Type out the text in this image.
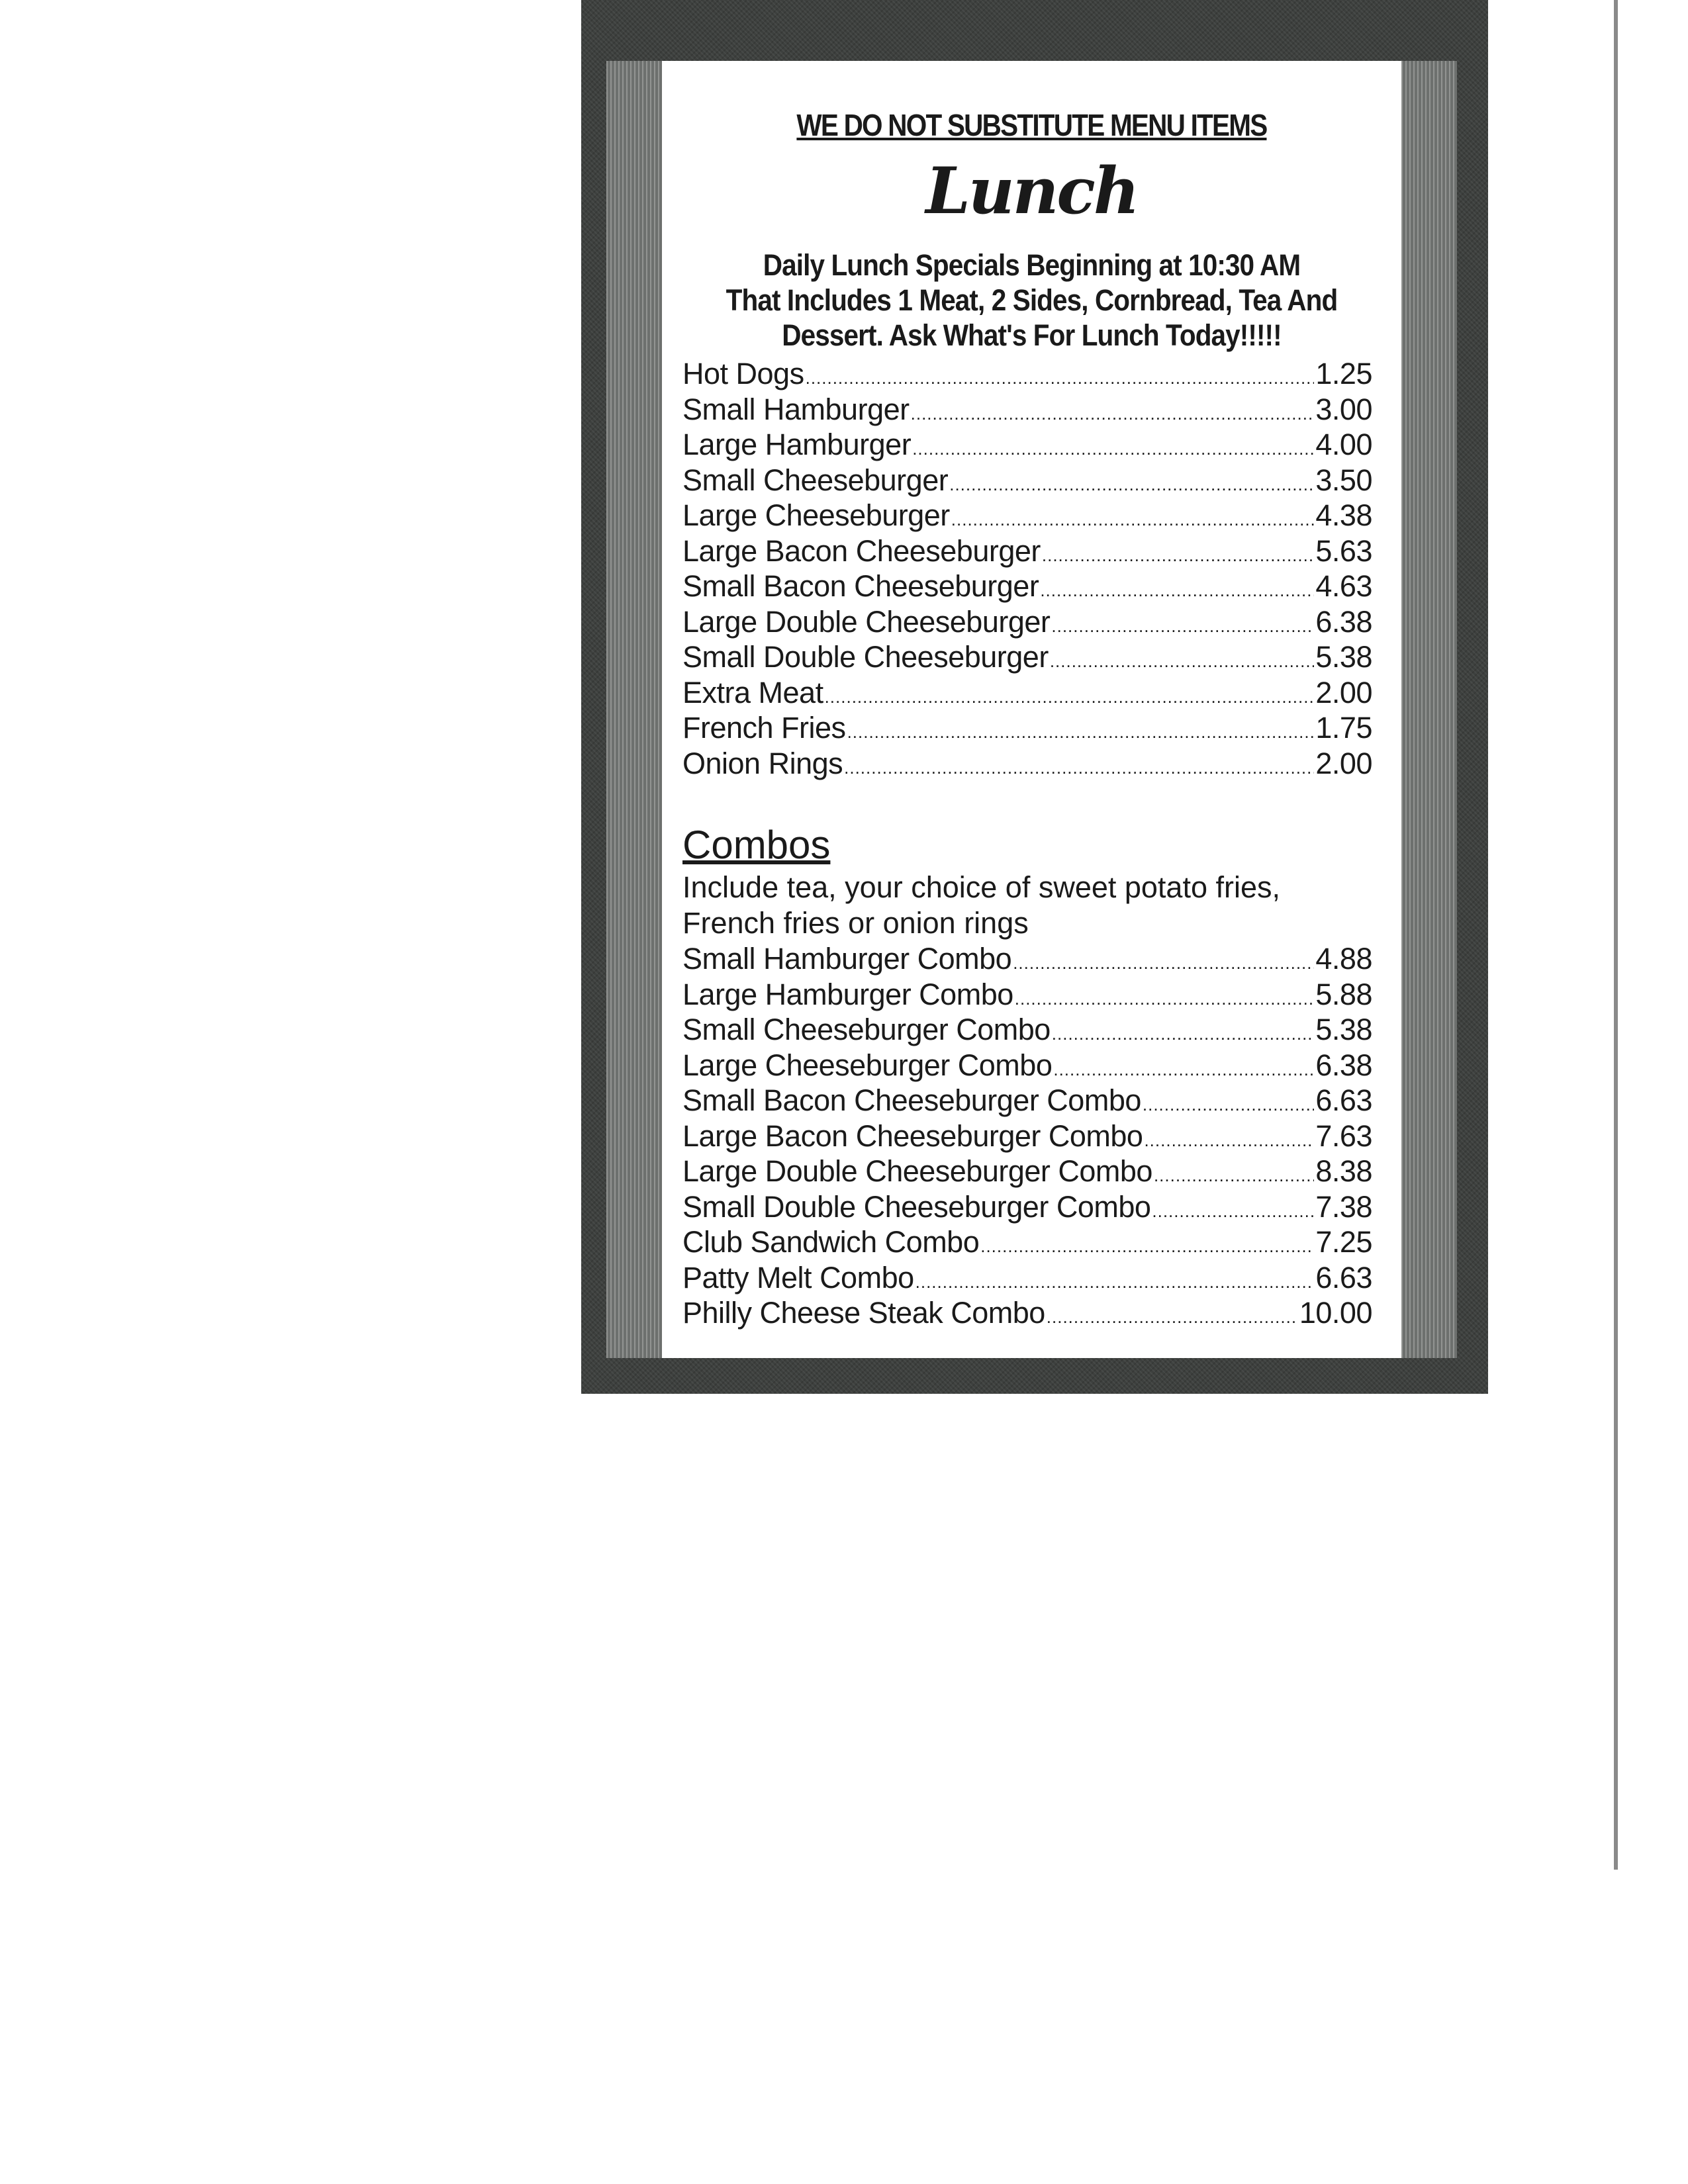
WE DO NOT SUBSTITUTE MENU ITEMS
Lunch
Daily Lunch Specials Beginning at 10:30 AM
That Includes 1 Meat, 2 Sides, Cornbread, Tea And
Dessert. Ask What's For Lunch Today!!!!!
Hot Dogs .....	1.25
Small Hamburger .....	3.00
Large Hamburger .....	4.00
Small Cheeseburger .....	3.50
Large Cheeseburger .....	4.38
Large Bacon Cheeseburger .....	5.63
Small Bacon Cheeseburger .....	4.63
Large Double Cheeseburger .....	6.38
Small Double Cheeseburger .....	5.38
Extra Meat .....	2.00
French Fries .....	1.75
Onion Rings .....	2.00
Combos
Include tea, your choice of sweet potato fries, French fries or onion rings
Small Hamburger Combo .....	4.88
Large Hamburger Combo .....	5.88
Small Cheeseburger Combo .....	5.38
Large Cheeseburger Combo .....	6.38
Small Bacon Cheeseburger Combo .....	6.63
Large Bacon Cheeseburger Combo .....	7.63
Large Double Cheeseburger Combo .....	8.38
Small Double Cheeseburger Combo .....	7.38
Club Sandwich Combo .....	7.25
Patty Melt Combo .....	6.63
Philly Cheese Steak Combo .....	10.00
